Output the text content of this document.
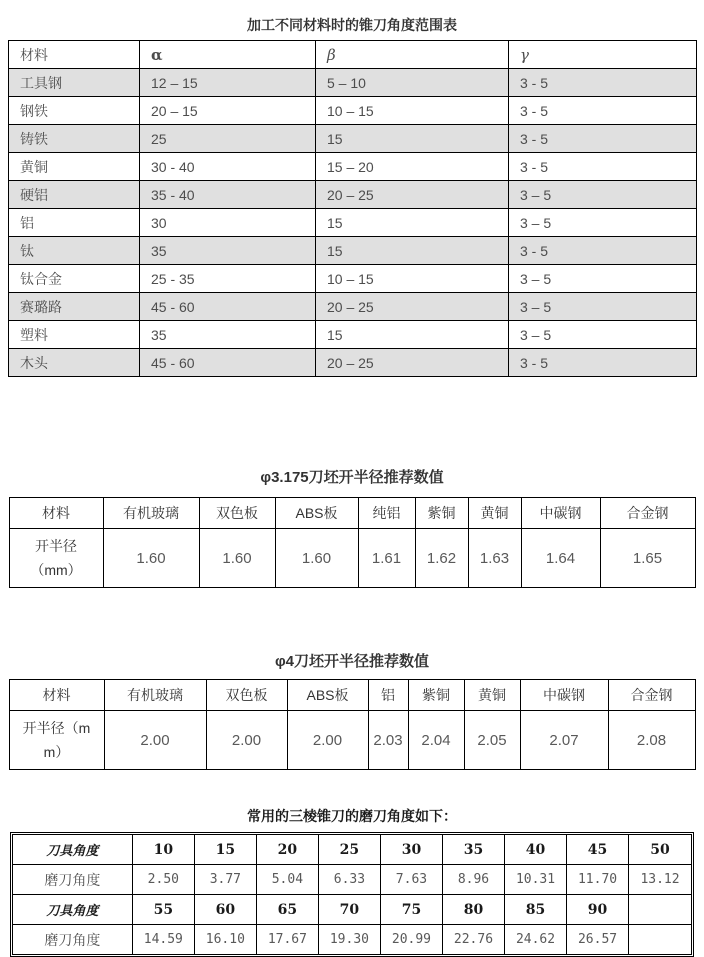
加工不同材料时的锥刀角度范围表
材料	α	β	γ
工具钢	12 – 15	5 – 10	3 - 5
钢铁	20 – 15	10 – 15	3 - 5
铸铁	25	15	3 - 5
黄铜	30 - 40	15 – 20	3 - 5
硬铝	35 - 40	20 – 25	3 – 5
铝	30	15	3 – 5
钛	35	15	3 - 5
钛合金	25 - 35	10 – 15	3 – 5
赛璐路	45 - 60	20 – 25	3 – 5
塑料	35	15	3 – 5
木头	45 - 60	20 – 25	3 - 5
φ3.175刀坯开半径推荐数值
材料	有机玻璃	双色板	ABS板	纯铝	紫铜	黄铜	中碳钢	合金钢
开半径（mm）	1.60	1.60	1.60	1.61	1.62	1.63	1.64	1.65
φ4刀坯开半径推荐数值
材料	有机玻璃	双色板	ABS板	铝	紫铜	黄铜	中碳钢	合金钢
开半径（mm）	2.00	2.00	2.00	2.03	2.04	2.05	2.07	2.08
常用的三棱锥刀的磨刀角度如下：
刀具角度	10	15	20	25	30	35	40	45	50
磨刀角度	2.50	3.77	5.04	6.33	7.63	8.96	10.31	11.70	13.12
刀具角度	55	60	65	70	75	80	85	90	
磨刀角度	14.59	16.10	17.67	19.30	20.99	22.76	24.62	26.57	
